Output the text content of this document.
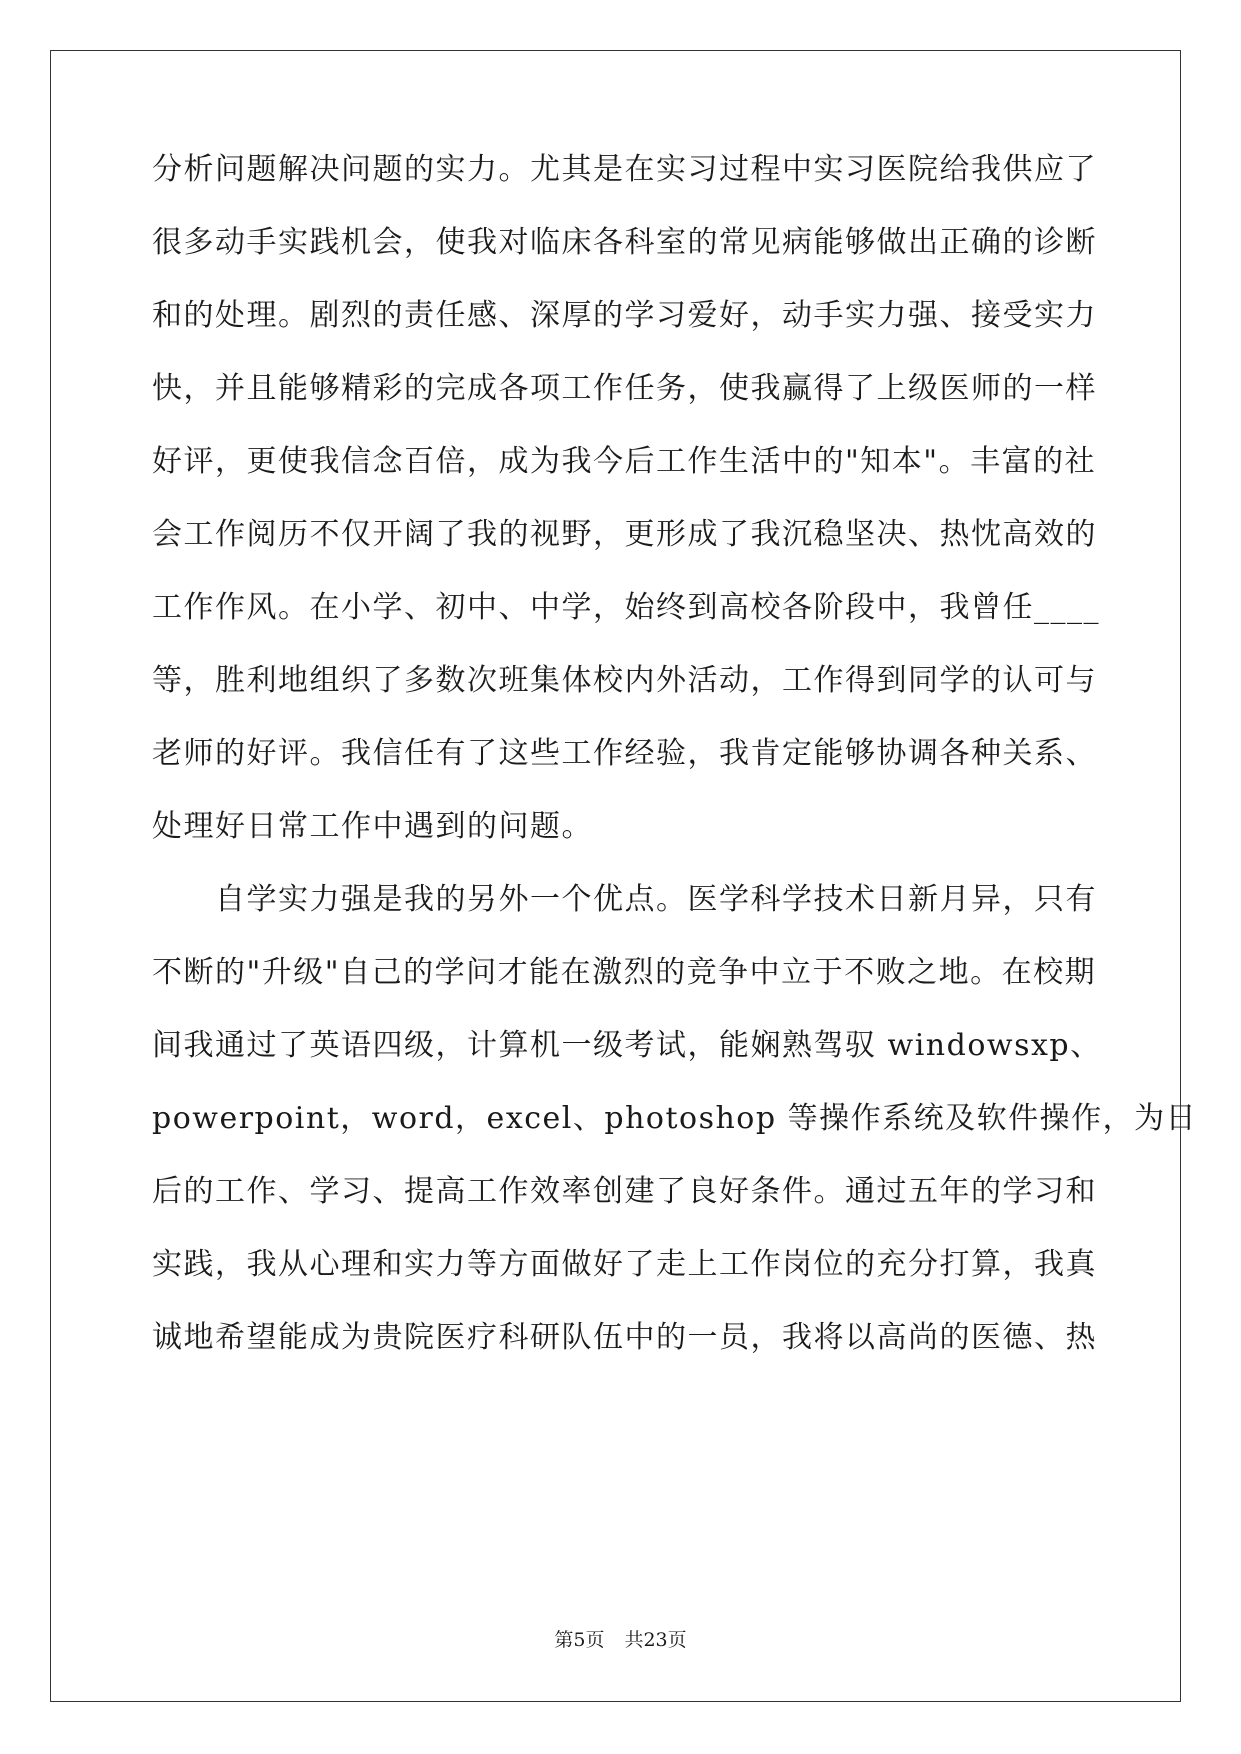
分析问题解决问题的实力。尤其是在实习过程中实习医院给我供应了
很多动手实践机会，使我对临床各科室的常见病能够做出正确的诊断
和的处理。剧烈的责任感、深厚的学习爱好，动手实力强、接受实力
快，并且能够精彩的完成各项工作任务，使我赢得了上级医师的一样
好评，更使我信念百倍，成为我今后工作生活中的"知本"。丰富的社
会工作阅历不仅开阔了我的视野，更形成了我沉稳坚决、热忱高效的
工作作风。在小学、初中、中学，始终到高校各阶段中，我曾任____
等，胜利地组织了多数次班集体校内外活动，工作得到同学的认可与
老师的好评。我信任有了这些工作经验，我肯定能够协调各种关系、
处理好日常工作中遇到的问题。
自学实力强是我的另外一个优点。医学科学技术日新月异，只有
不断的"升级"自己的学问才能在激烈的竞争中立于不败之地。在校期
间我通过了英语四级，计算机一级考试，能娴熟驾驭 windowsxp、
powerpoint，word，excel、photoshop 等操作系统及软件操作，为日
后的工作、学习、提高工作效率创建了良好条件。通过五年的学习和
实践，我从心理和实力等方面做好了走上工作岗位的充分打算，我真
诚地希望能成为贵院医疗科研队伍中的一员，我将以高尚的医德、热
第5页 共23页
